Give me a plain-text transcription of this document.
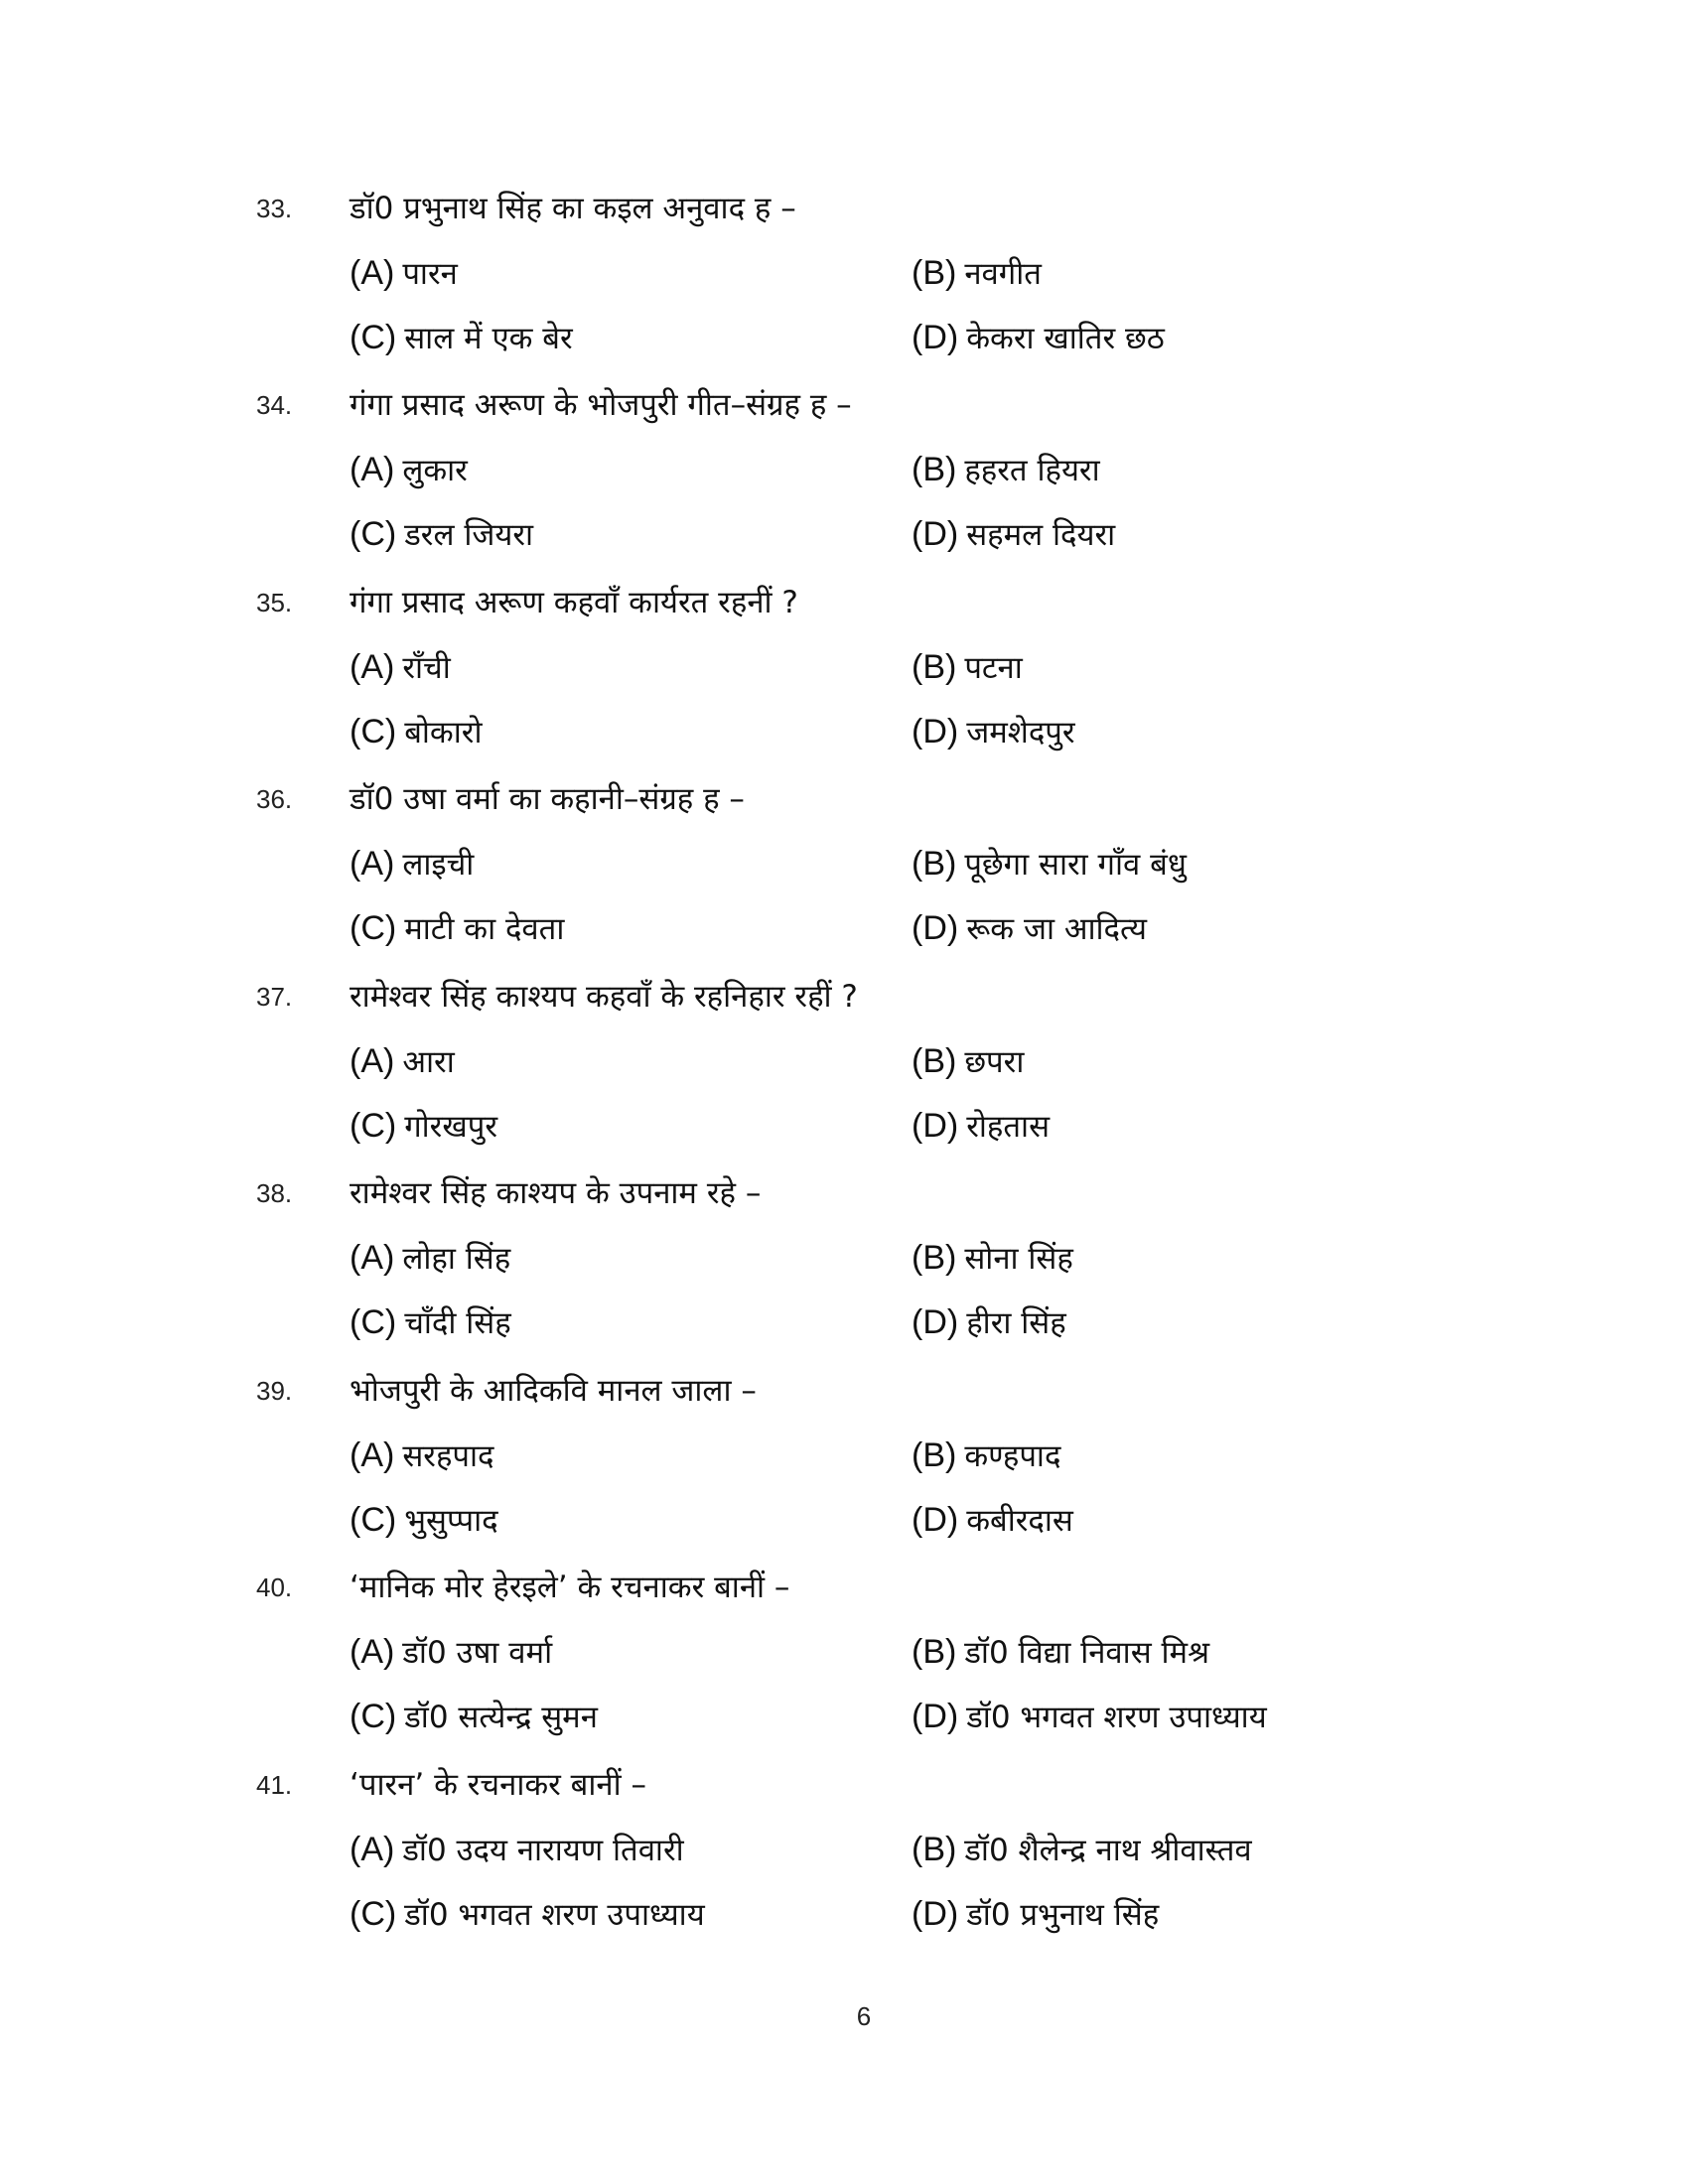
33. डॉ0 प्रभुनाथ सिंह का कइल अनुवाद ह –
(A) पारन	(B) नवगीत
(C) साल में एक बेर	(D) केकरा खातिर छठ
34. गंगा प्रसाद अरूण के भोजपुरी गीत–संग्रह ह –
(A) लुकार	(B) हहरत हियरा
(C) डरल जियरा	(D) सहमल दियरा
35. गंगा प्रसाद अरूण कहवाँ कार्यरत रहनीं ?
(A) राँची	(B) पटना
(C) बोकारो	(D) जमशेदपुर
36. डॉ0 उषा वर्मा का कहानी–संग्रह ह –
(A) लाइची	(B) पूछेगा सारा गाँव बंधु
(C) माटी का देवता	(D) रूक जा आदित्य
37. रामेश्वर सिंह काश्यप कहवाँ के रहनिहार रहीं ?
(A) आरा	(B) छपरा
(C) गोरखपुर	(D) रोहतास
38. रामेश्वर सिंह काश्यप के उपनाम रहे –
(A) लोहा सिंह	(B) सोना सिंह
(C) चाँदी सिंह	(D) हीरा सिंह
39. भोजपुरी के आदिकवि मानल जाला –
(A) सरहपाद	(B) कण्हपाद
(C) भुसुप्पाद	(D) कबीरदास
40. ‘मानिक मोर हेरइले’ के रचनाकर बानीं –
(A) डॉ0 उषा वर्मा	(B) डॉ0 विद्या निवास मिश्र
(C) डॉ0 सत्येन्द्र सुमन	(D) डॉ0 भगवत शरण उपाध्याय
41. ‘पारन’ के रचनाकर बानीं –
(A) डॉ0 उदय नारायण तिवारी	(B) डॉ0 शैलेन्द्र नाथ श्रीवास्तव
(C) डॉ0 भगवत शरण उपाध्याय	(D) डॉ0 प्रभुनाथ सिंह
6
